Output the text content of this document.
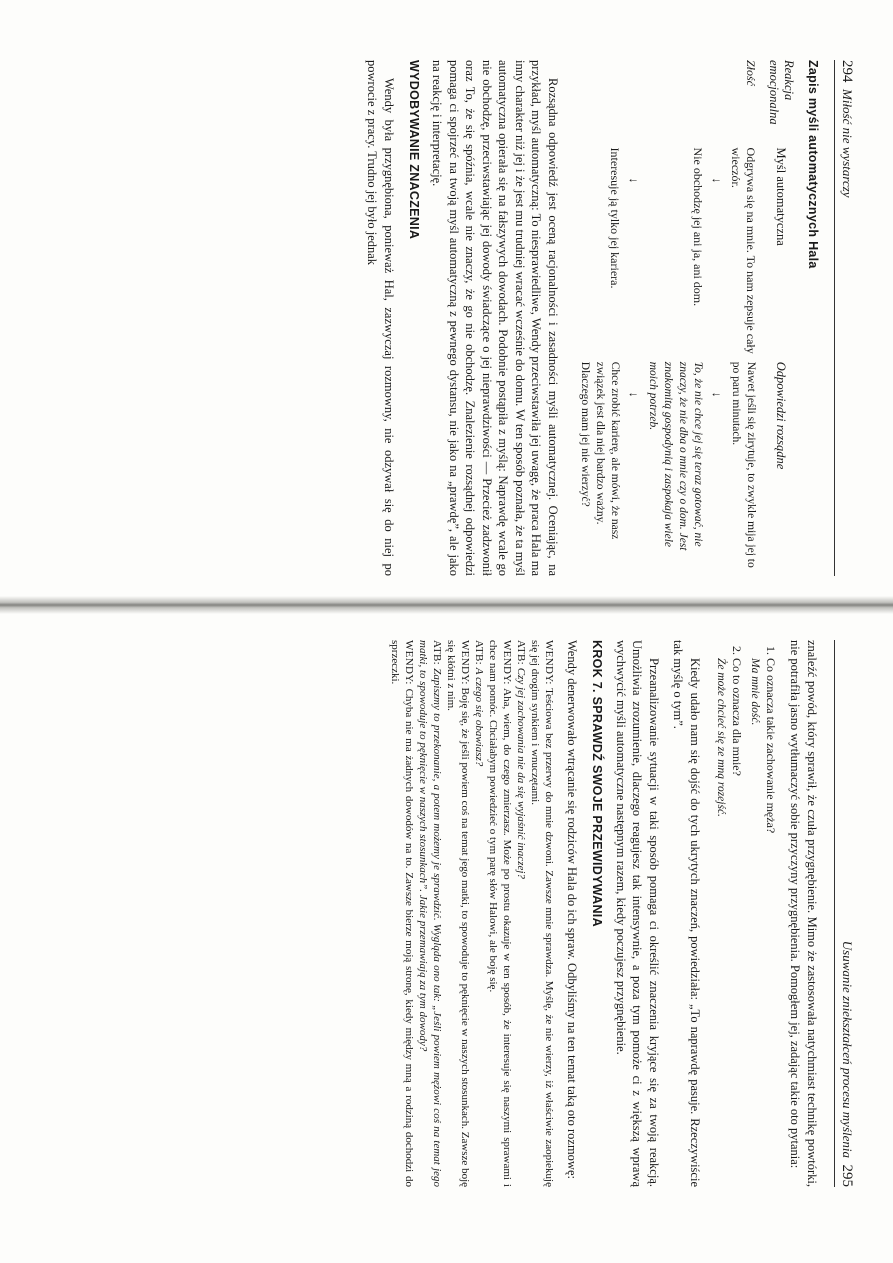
294  Miłość nie wystarczy
Zapis myśli automatycznych Hala
Reakcja emocjonalna	Myśl automatyczna	Odpowiedzi rozsądne
Złość	Odgrywa się na mnie. To nam zepsuje cały wieczór.	Nawet jeśli się zirytuje, to zwykle mija jej to po paru minutach.
	↓	↓
	Nie obchodzę jej ani ja, ani dom.	To, że nie chce jej się teraz gotować, nie znaczy, że nie dba o mnie czy o dom. Jest znakomitą gospodynią i zaspokaja wiele moich potrzeb.
	↓	↓
	Interesuje ją tylko jej kariera.	Chce zrobić karierę, ale mówi, że nasz związek jest dla niej bardzo ważny. Dlaczego mam jej nie wierzyć?

Rozsądna odpowiedź jest oceną racjonalności i zasadności myśli automatycznej. Oceniając, na przykład, myśl automatyczną: To niesprawiedliwe, Wendy przeciwstawiła jej uwagę, że praca Hala ma inny charakter niż jej i że jest mu trudniej wracać wcześnie do domu. W ten sposób poznała, że ta myśl automatyczna opierała się na fałszywych dowodach. Podobnie postąpiła z myślą: Naprawdę wcale go nie obchodzę, przeciwstawiając jej dowody świadczące o jej nieprawdziwości — Przecież zadzwonił oraz To, że się spóźnia, wcale nie znaczy, że go nie obchodzę. Znalezienie rozsądnej odpowiedzi pomaga ci spojrzeć na twoją myśl automatyczną z pewnego dystansu, nie jako na „prawdę”, ale jako na reakcję i interpretację.

WYDOBYWANIE ZNACZENIA

Wendy była przygnębiona, ponieważ Hal, zazwyczaj rozmowny, nie odzywał się do niej po powrocie z pracy. Trudno jej było jednak

Usuwanie zniekształceń procesu myślenia  295

znaleźć powód, który sprawił, że czuła przygnębienie. Mimo że zastosowała natychmiast technikę powtórki, nie potrafiła jasno wytłumaczyć sobie przyczyny przygnębienia. Pomogłem jej, zadając takie oto pytania:

1. Co oznacza takie zachowanie męża?
Ma mnie dość.
2. Co to oznacza dla mnie?
Że może chcieć się ze mną rozejść.

Kiedy udało nam się dojść do tych ukrytych znaczeń, powiedziała: „To naprawdę pasuje. Rzeczywiście tak myślę o tym”.

Przeanalizowanie sytuacji w taki sposób pomaga ci określić znaczenia kryjące się za twoją reakcją. Umożliwia zrozumienie, dlaczego reagujesz tak intensywnie, a poza tym pomoże ci z większą wprawą wychwycić myśli automatyczne następnym razem, kiedy poczujesz przygnębienie.

KROK 7. SPRAWDŹ SWOJE PRZEWIDYWANIA

Wendy denerwowało wtrącanie się rodziców Hala do ich spraw. Odbyliśmy na ten temat taką oto rozmowę:

WENDY: Teściowa bez przerwy do mnie dzwoni. Zawsze mnie sprawdza. Myślę, że nie wierzy, iż właściwie zaopiekuję się jej drogim synkiem i wnuczętami.
ATB: Czy jej zachowania nie da się wyjaśnić inaczej?
WENDY: Aha, wiem, do czego zmierzasz. Może po prostu okazuje w ten sposób, że interesuje się naszymi sprawami i chce nam pomóc. Chciałabym powiedzieć o tym parę słów Halowi, ale boję się.
ATB: A czego się obawiasz?
WENDY: Boję się, że jeśli powiem coś na temat jego matki, to spowoduje to pęknięcie w naszych stosunkach. Zawsze boję się kłótni z nim.
ATB: Zapiszmy to przekonanie, a potem możemy je sprawdzić. Wygląda ono tak: „Jeśli powiem mężowi coś na temat jego matki, to spowoduje to pęknięcie w naszych stosunkach”. Jakie przemawiają za tym dowody?
WENDY: Chyba nie ma żadnych dowodów na to. Zawsze bierze moją stronę, kiedy między mną a rodziną dochodzi do sprzeczki.
